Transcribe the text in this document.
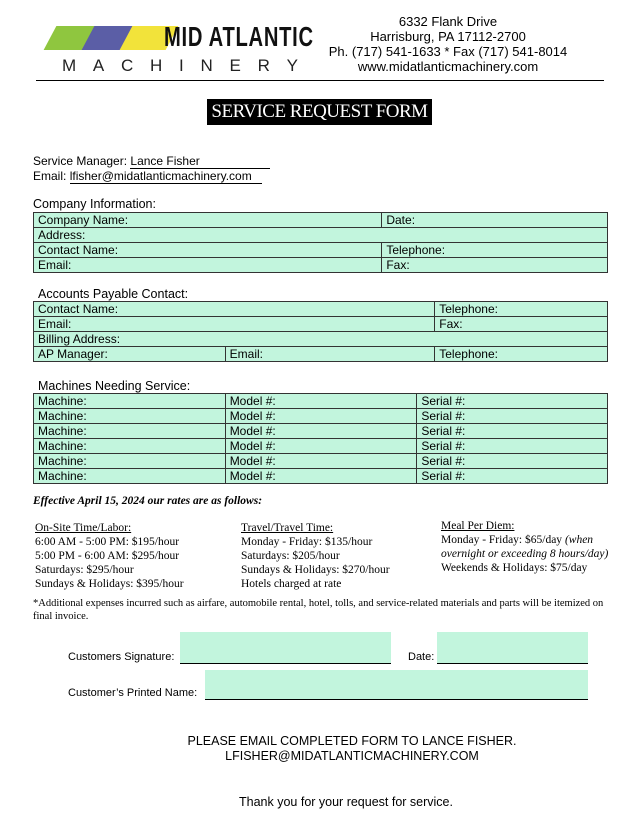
MID ATLANTIC
M A C H I N E R Y
6332 Flank Drive
Harrisburg, PA 17112-2700
Ph. (717) 541-1633 * Fax (717) 541-8014
www.midatlanticmachinery.com
SERVICE REQUEST FORM
Service Manager: Lance Fisher
Email: lfisher@midatlanticmachinery.com
Company Information:
Company Name:	Date:
Address:	
Contact Name:	Telephone:
Email:	Fax:
Accounts Payable Contact:
Contact Name:		Telephone:
Email:		Fax:
Billing Address:		
AP Manager:	Email:	Telephone:
Machines Needing Service:
Machine:	Model #:	Serial #:
Machine:	Model #:	Serial #:
Machine:	Model #:	Serial #:
Machine:	Model #:	Serial #:
Machine:	Model #:	Serial #:
Machine:	Model #:	Serial #:
Effective April 15, 2024 our rates are as follows:
On-Site Time/Labor:
6:00 AM - 5:00 PM: $195/hour
5:00 PM - 6:00 AM: $295/hour
Saturdays: $295/hour
Sundays & Holidays: $395/hour
Travel/Travel Time:
Monday - Friday: $135/hour
Saturdays: $205/hour
Sundays & Holidays: $270/hour
Hotels charged at rate
Meal Per Diem:
Monday - Friday: $65/day (when
overnight or exceeding 8 hours/day)
Weekends & Holidays: $75/day
*Additional expenses incurred such as airfare, automobile rental, hotel, tolls, and service-related materials and parts will be itemized on final invoice.
Customers Signature:	Date:
Customer’s Printed Name:
PLEASE EMAIL COMPLETED FORM TO LANCE FISHER.
LFISHER@MIDATLANTICMACHINERY.COM
Thank you for your request for service.
